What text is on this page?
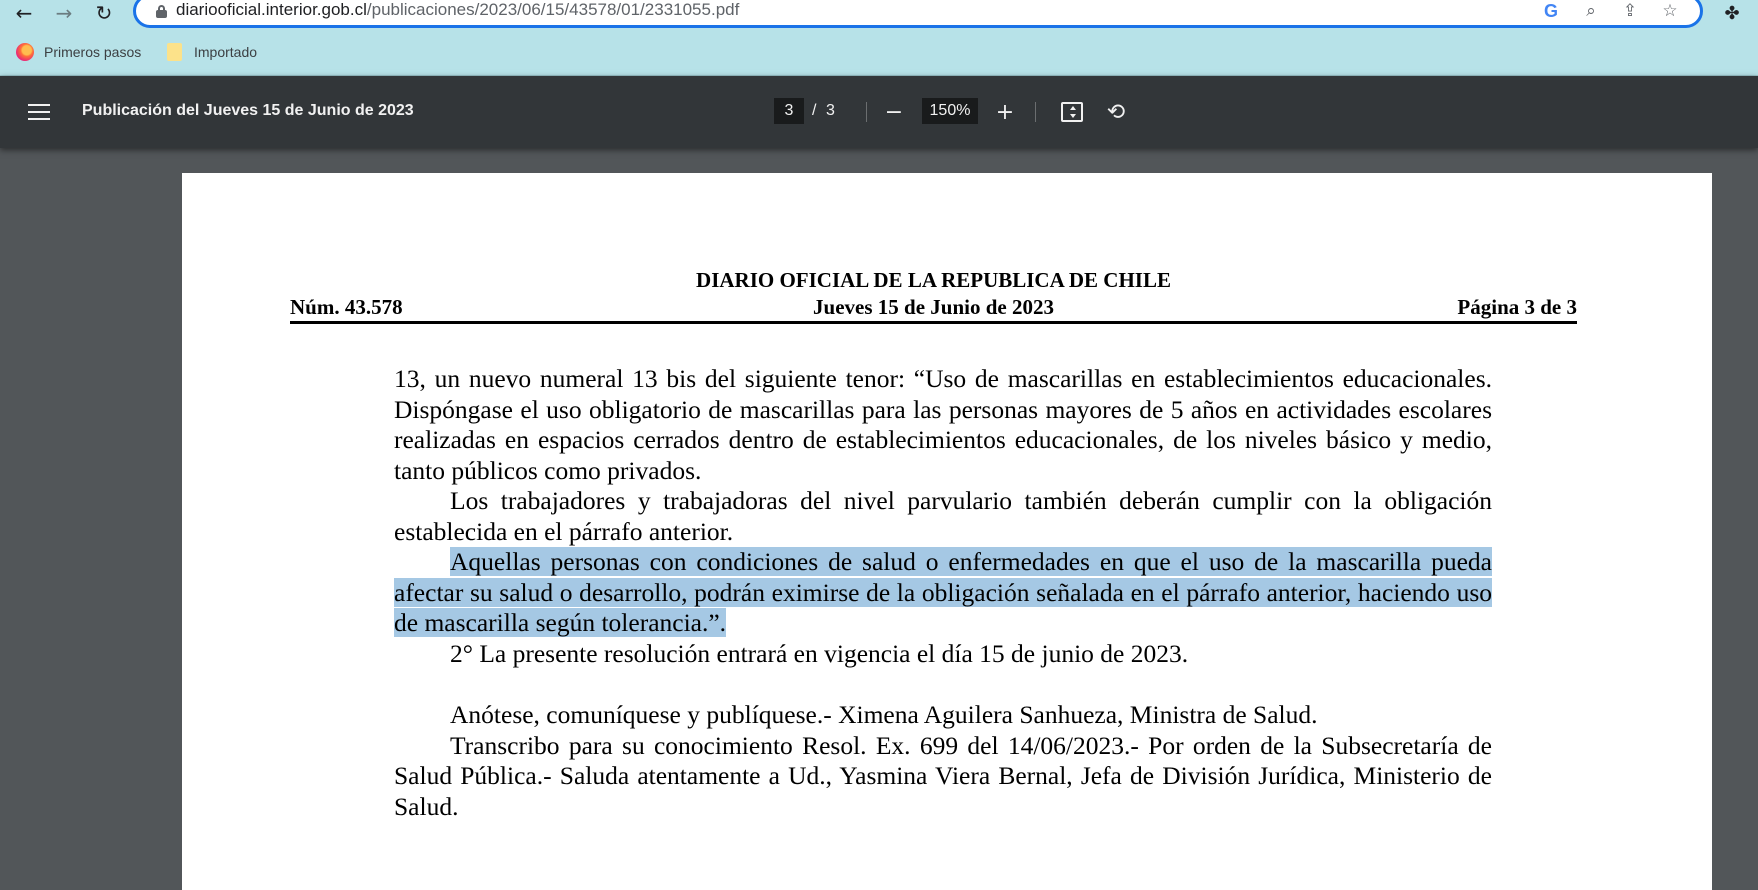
← → ↻	diariooficial.interior.gob.cl/publicaciones/2023/06/15/43578/01/2331055.pdf	G	⌕	⇪ ☆	✤
Primeros pasos	Importado
Publicación del Jueves 15 de Junio de 2023	3	/ 3 −	150%	+	⟲
DIARIO OFICIAL DE LA REPUBLICA DE CHILE
Núm. 43.578	Jueves 15 de Junio de 2023	Página 3 de 3

13, un nuevo numeral 13 bis del siguiente tenor: “Uso de mascarillas en establecimientos educacionales. Dispóngase el uso obligatorio de mascarillas para las personas mayores de 5 años en actividades escolares realizadas en espacios cerrados dentro de establecimientos educacionales, de los niveles básico y medio, tanto públicos como privados.

Los trabajadores y trabajadoras del nivel parvulario también deberán cumplir con la obligación establecida en el párrafo anterior.

Aquellas personas con condiciones de salud o enfermedades en que el uso de la mascarilla pueda afectar su salud o desarrollo, podrán eximirse de la obligación señalada en el párrafo anterior, haciendo uso de mascarilla según tolerancia.”.

2° La presente resolución entrará en vigencia el día 15 de junio de 2023.

Anótese, comuníquese y publíquese.- Ximena Aguilera Sanhueza, Ministra de Salud.

Transcribo para su conocimiento Resol. Ex. 699 del 14/06/2023.- Por orden de la Subsecretaría de Salud Pública.- Saluda atentamente a Ud., Yasmina Viera Bernal, Jefa de División Jurídica, Ministerio de Salud.
